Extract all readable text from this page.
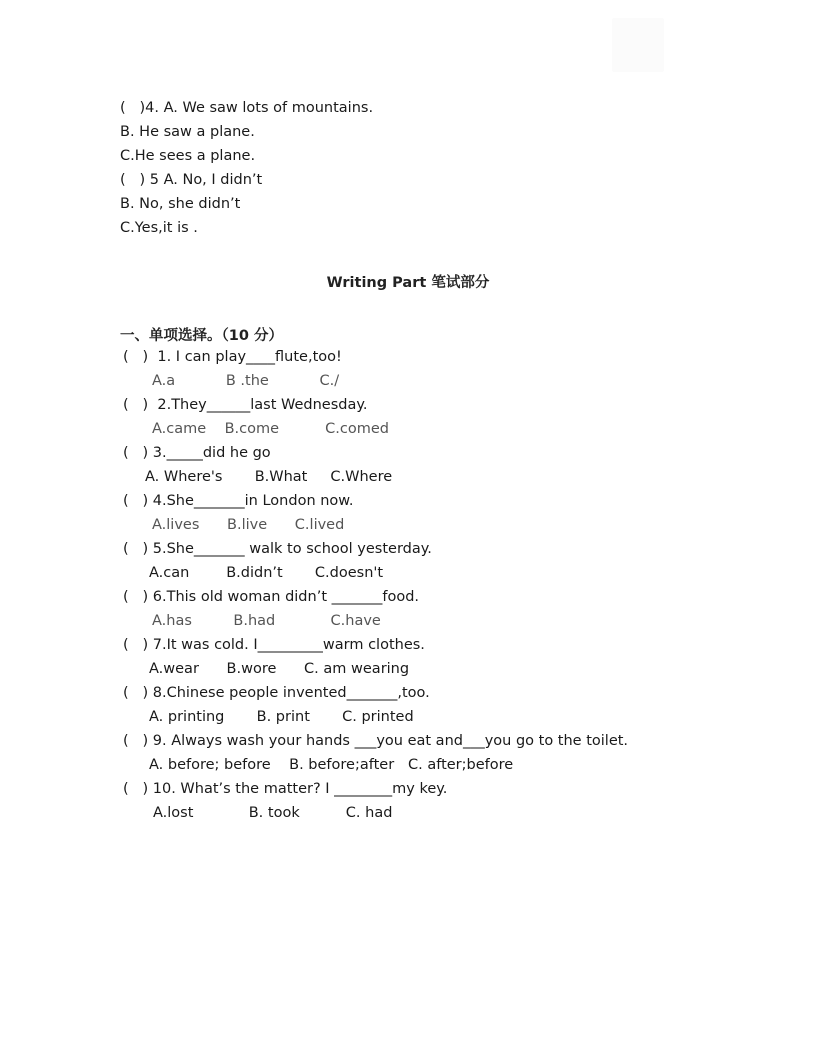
(   )4. A. We saw lots of mountains.
B. He saw a plane.
C.He sees a plane.
(   ) 5 A. No, I didn’t
B. No, she didn’t
C.Yes,it is .
Writing Part 笔试部分
一、单项选择。（10 分）
(   )  1. I can play____flute,too!
A.a           B .the           C./
(   )  2.They______last Wednesday.
A.came    B.come          C.comed
(   ) 3._____did he go
A. Where's       B.What     C.Where
(   ) 4.She_______in London now.
A.lives      B.live      C.lived
(   ) 5.She_______ walk to school yesterday.
A.can        B.didn’t       C.doesn't
(   ) 6.This old woman didn’t _______food.
A.has         B.had            C.have
(   ) 7.It was cold. I_________warm clothes.
A.wear      B.wore      C. am wearing
(   ) 8.Chinese people invented_______,too.
A. printing       B. print       C. printed
(   ) 9. Always wash your hands ___you eat and___you go to the toilet.
A. before; before    B. before;after   C. after;before
(   ) 10. What’s the matter? I ________my key.
A.lost            B. took          C. had
